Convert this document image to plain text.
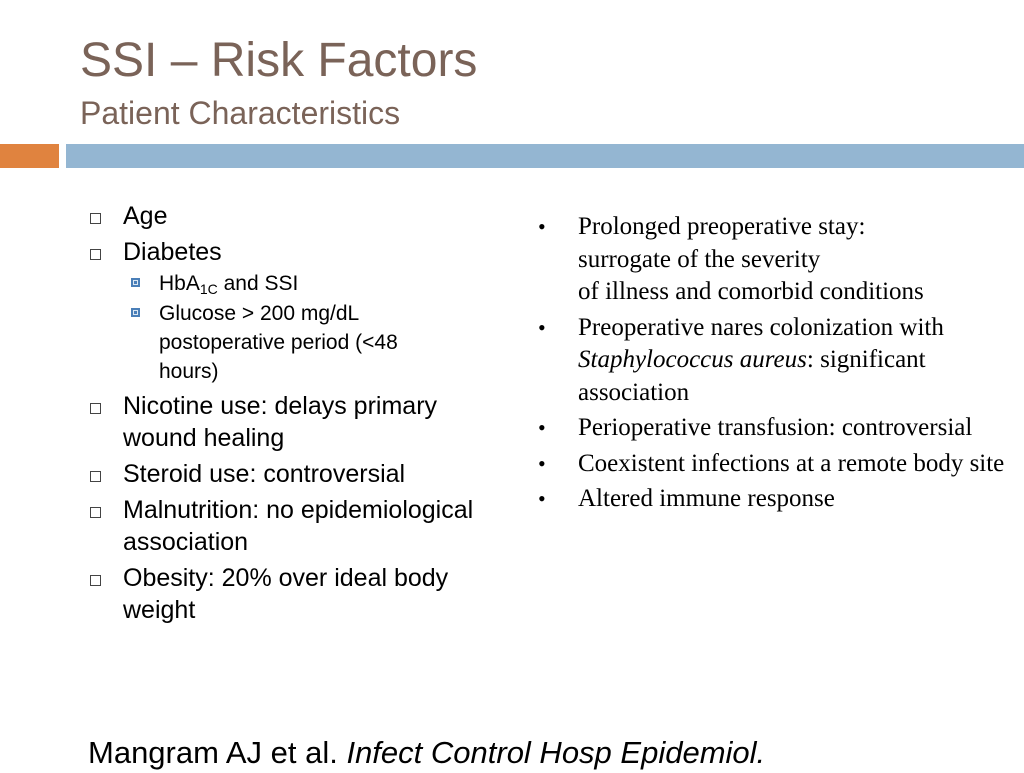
SSI – Risk Factors
Patient Characteristics
Age
Diabetes
HbA$_{1C}$ and SSI
Glucose > 200 mg/dL postoperative period (<48 hours)
Nicotine use: delays primary wound healing
Steroid use: controversial
Malnutrition: no epidemiological association
Obesity: 20% over ideal body weight
• Prolonged preoperative stay:
surrogate of the severity
of illness and comorbid conditions
• Preoperative nares colonization with Staphylococcus aureus: significant association
• Perioperative transfusion: controversial
• Coexistent infections at a remote body site
• Altered immune response
Mangram AJ et al. Infect Control Hosp Epidemiol.
